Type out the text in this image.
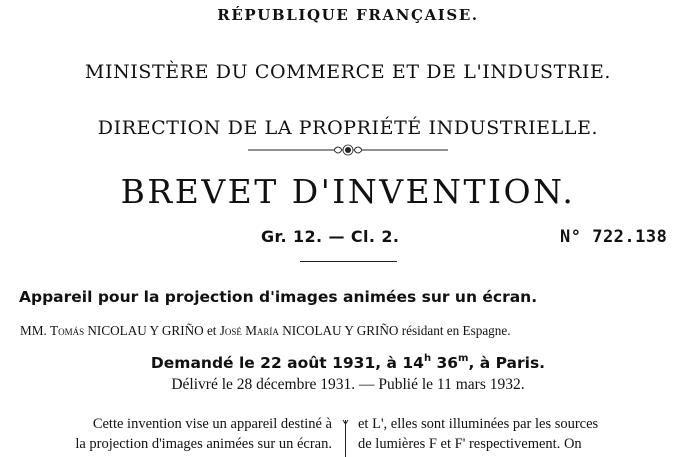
RÉPUBLIQUE FRANÇAISE.
MINISTÈRE DU COMMERCE ET DE L'INDUSTRIE.
DIRECTION DE LA PROPRIÉTÉ INDUSTRIELLE.
BREVET D'INVENTION.
Gr. 12. — Cl. 2.	N° 722.138
Appareil pour la projection d'images animées sur un écran.
MM. Tomás NICOLAU Y GRIÑO et José María NICOLAU Y GRIÑO résidant en Espagne.
Demandé le 22 août 1931, à 14$^h$ 36$^m$, à Paris.
Délivré le 28 décembre 1931. — Publié le 11 mars 1932.
Cette invention vise un appareil destiné à
la projection d'images animées sur un écran.
et L', elles sont illuminées par les sources
de lumières F et F' respectivement. On
